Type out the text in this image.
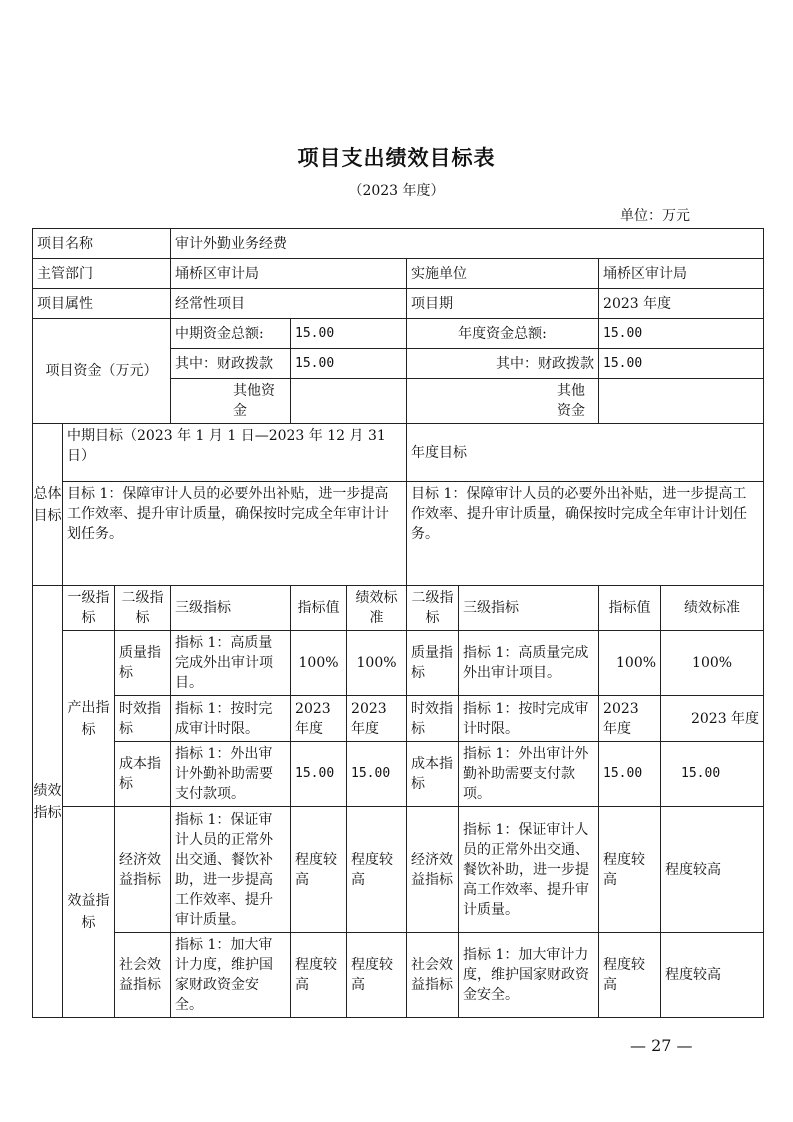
项目支出绩效目标表
（2023 年度）
单位：万元
项目名称			审计外勤业务经费						
主管部门			埇桥区审计局			实施单位		埇桥区审计局	
项目属性			经常性项目			项目期		2023 年度	
项目资金（万元）			中期资金总额:	15.00		年度资金总额:		15.00	
			其中：财政拨款	15.00		其中：财政拨款		15.00	
			其他资金			其他资金			
总体目标	中期目标（2023 年 1 月 1 日—2023 年 12 月 31 日）					年度目标			
	目标 1：保障审计人员的必要外出补贴，进一步提高工作效率、提升审计质量，确保按时完成全年审计计划任务。					目标 1：保障审计人员的必要外出补贴，进一步提高工作效率、提升审计质量，确保按时完成全年审计计划任务。			
绩效指标	一级指标	二级指标	三级指标	指标值	绩效标准	二级指标	三级指标	指标值	绩效标准
	产出指标	质量指标	指标 1：高质量完成外出审计项目。	100%	100%	质量指标	指标 1：高质量完成外出审计项目。	100%	100%
		时效指标	指标 1：按时完成审计时限。	2023 年度	2023 年度	时效指标	指标 1：按时完成审计时限。	2023 年度	2023 年度
		成本指标	指标 1：外出审计外勤补助需要支付款项。	15.00	15.00	成本指标	指标 1：外出审计外勤补助需要支付款项。	15.00	15.00
	效益指标	经济效益指标	指标 1：保证审计人员的正常外出交通、餐饮补助，进一步提高工作效率、提升审计质量。	程度较高	程度较高	经济效益指标	指标 1：保证审计人员的正常外出交通、餐饮补助，进一步提高工作效率、提升审计质量。	程度较高	程度较高
		社会效益指标	指标 1：加大审计力度，维护国家财政资金安全。	程度较高	程度较高	社会效益指标	指标 1：加大审计力度，维护国家财政资金安全。	程度较高	程度较高
— 27 —
